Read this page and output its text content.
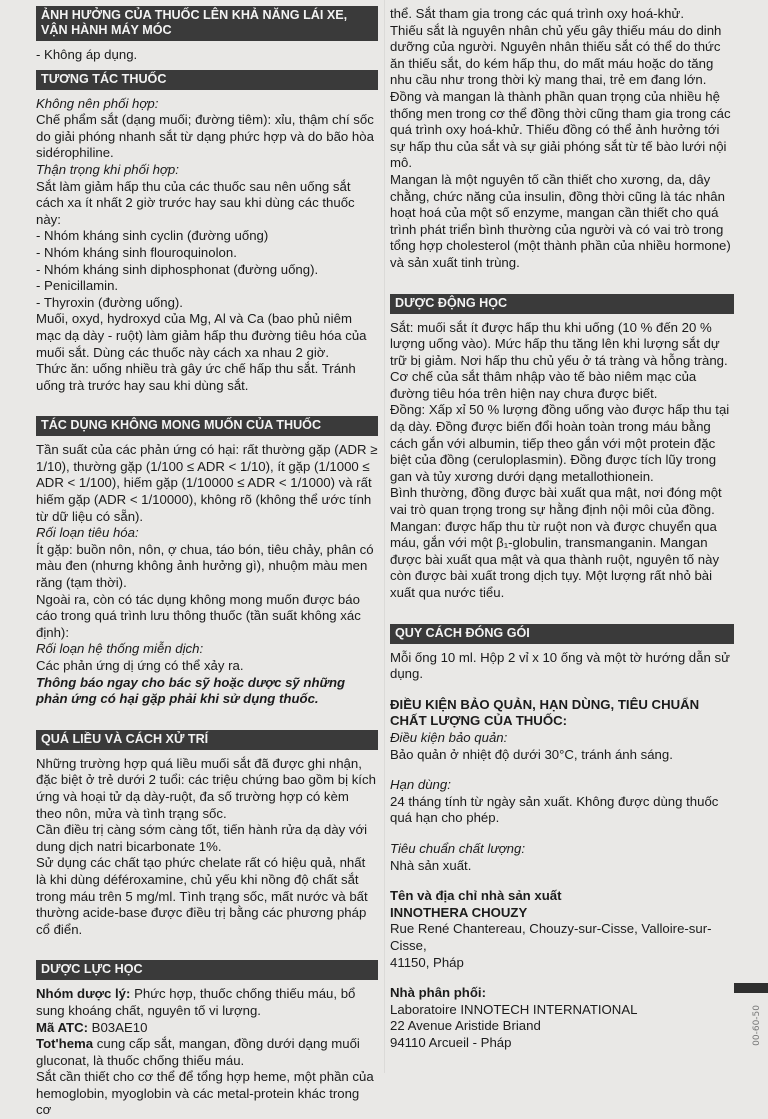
ẢNH HƯỞNG CỦA THUỐC LÊN KHẢ NĂNG LÁI XE, VẬN HÀNH MÁY MÓC

- Không áp dụng.

TƯƠNG TÁC THUỐC

Không nên phối hợp:

Chế phẩm sắt (dạng muối; đường tiêm): xỉu, thậm chí sốc do giải phóng nhanh sắt từ dạng phức hợp và do bão hòa sidérophiline.

Thận trọng khi phối hợp:

Sắt làm giảm hấp thu của các thuốc sau nên uống sắt cách xa ít nhất 2 giờ trước hay sau khi dùng các thuốc này:

- Nhóm kháng sinh cyclin (đường uống)

- Nhóm kháng sinh flouroquinolon.

- Nhóm kháng sinh diphosphonat (đường uống).

- Penicillamin.

- Thyroxin (đường uống).

Muối, oxyd, hydroxyd của Mg, Al và Ca (bao phủ niêm mạc dạ dày - ruột) làm giảm hấp thu đường tiêu hóa của muối sắt. Dùng các thuốc này cách xa nhau 2 giờ.

Thức ăn: uống nhiều trà gây ức chế hấp thu sắt. Tránh uống trà trước hay sau khi dùng sắt.

TÁC DỤNG KHÔNG MONG MUỐN CỦA THUỐC

Tần suất của các phản ứng có hại: rất thường gặp (ADR ≥ 1/10), thường gặp (1/100 ≤ ADR < 1/10), ít gặp (1/1000 ≤ ADR < 1/100), hiếm gặp (1/10000 ≤ ADR < 1/1000) và rất hiếm gặp (ADR < 1/10000), không rõ (không thể ước tính từ dữ liệu có sẵn).

Rối loạn tiêu hóa:

Ít gặp: buồn nôn, nôn, ợ chua, táo bón, tiêu chảy, phân có màu đen (nhưng không ảnh hưởng gì), nhuộm màu men răng (tạm thời).

Ngoài ra, còn có tác dụng không mong muốn được báo cáo trong quá trình lưu thông thuốc (tần suất không xác định):

Rối loạn hệ thống miễn dịch:

Các phản ứng dị ứng có thể xảy ra.

Thông báo ngay cho bác sỹ hoặc dược sỹ những phản ứng có hại gặp phải khi sử dụng thuốc.

QUÁ LIỀU VÀ CÁCH XỬ TRÍ

Những trường hợp quá liều muối sắt đã được ghi nhận, đặc biệt ở trẻ dưới 2 tuổi: các triệu chứng bao gồm bị kích ứng và hoại tử dạ dày-ruột, đa số trường hợp có kèm theo nôn, mửa và tình trạng sốc.

Cần điều trị càng sớm càng tốt, tiến hành rửa dạ dày với dung dịch natri bicarbonate 1%.

Sử dụng các chất tạo phức chelate rất có hiệu quả, nhất là khi dùng déféroxamine, chủ yếu khi nồng độ chất sắt trong máu trên 5 mg/ml. Tình trạng sốc, mất nước và bất thường acide-base được điều trị bằng các phương pháp cổ điển.

DƯỢC LỰC HỌC

Nhóm dược lý: Phức hợp, thuốc chống thiếu máu, bổ sung khoáng chất, nguyên tố vi lượng.

Mã ATC: B03AE10

Tot'hema cung cấp sắt, mangan, đồng dưới dạng muối gluconat, là thuốc chống thiếu máu.

Sắt cần thiết cho cơ thể để tổng hợp heme, một phần của hemoglobin, myoglobin và các metal-protein khác trong cơ

thể. Sắt tham gia trong các quá trình oxy hoá-khử.

Thiếu sắt là nguyên nhân chủ yếu gây thiếu máu do dinh dưỡng của người. Nguyên nhân thiếu sắt có thể do thức ăn thiếu sắt, do kém hấp thu, do mất máu hoặc do tăng nhu cầu như trong thời kỳ mang thai, trẻ em đang lớn.

Đồng và mangan là thành phần quan trọng của nhiều hệ thống men trong cơ thể đồng thời cũng tham gia trong các quá trình oxy hoá-khử. Thiếu đồng có thể ảnh hưởng tới sự hấp thu của sắt và sự giải phóng sắt từ tế bào lưới nội mô.

Mangan là một nguyên tố cần thiết cho xương, da, dây chằng, chức năng của insulin, đồng thời cũng là tác nhân hoạt hoá của một số enzyme, mangan cần thiết cho quá trình phát triển bình thường của người và có vai trò trong tổng hợp cholesterol (một thành phần của nhiều hormone) và sản xuất tinh trùng.

DƯỢC ĐỘNG HỌC

Sắt: muối sắt ít được hấp thu khi uống (10 % đến 20 % lượng uống vào). Mức hấp thu tăng lên khi lượng sắt dự trữ bị giảm. Nơi hấp thu chủ yếu ở tá tràng và hỗng tràng. Cơ chế của sắt thâm nhập vào tế bào niêm mạc của đường tiêu hóa trên hiện nay chưa được biết.

Đồng: Xấp xỉ 50 % lượng đồng uống vào được hấp thu tại dạ dày. Đồng được biến đổi hoàn toàn trong máu bằng cách gắn với albumin, tiếp theo gắn với một protein đặc biệt của đồng (ceruloplasmin). Đồng được tích lũy trong gan và tủy xương dưới dạng metallothionein.

Bình thường, đồng được bài xuất qua mật, nơi đóng một vai trò quan trọng trong sự hằng định nội môi của đồng.

Mangan: được hấp thu từ ruột non và được chuyển qua máu, gắn với một β₁-globulin, transmanganin. Mangan được bài xuất qua mật và qua thành ruột, nguyên tố này còn được bài xuất trong dịch tụy. Một lượng rất nhỏ bài xuất qua nước tiểu.

QUY CÁCH ĐÓNG GÓI

Mỗi ống 10 ml. Hộp 2 vỉ x 10 ống và một tờ hướng dẫn sử dụng.

ĐIỀU KIỆN BẢO QUẢN, HẠN DÙNG, TIÊU CHUẨN CHẤT LƯỢNG CỦA THUỐC:

Điều kiện bảo quản:

Bảo quản ở nhiệt độ dưới 30°C, tránh ánh sáng.

Hạn dùng:

24 tháng tính từ ngày sản xuất. Không được dùng thuốc quá hạn cho phép.

Tiêu chuẩn chất lượng:

Nhà sản xuất.

Tên và địa chỉ nhà sản xuất

INNOTHERA CHOUZY

Rue René Chantereau, Chouzy-sur-Cisse, Valloire-sur-Cisse,

41150, Pháp

Nhà phân phối:

Laboratoire INNOTECH INTERNATIONAL

22 Avenue Aristide Briand

94110 Arcueil - Pháp	00-60-50
